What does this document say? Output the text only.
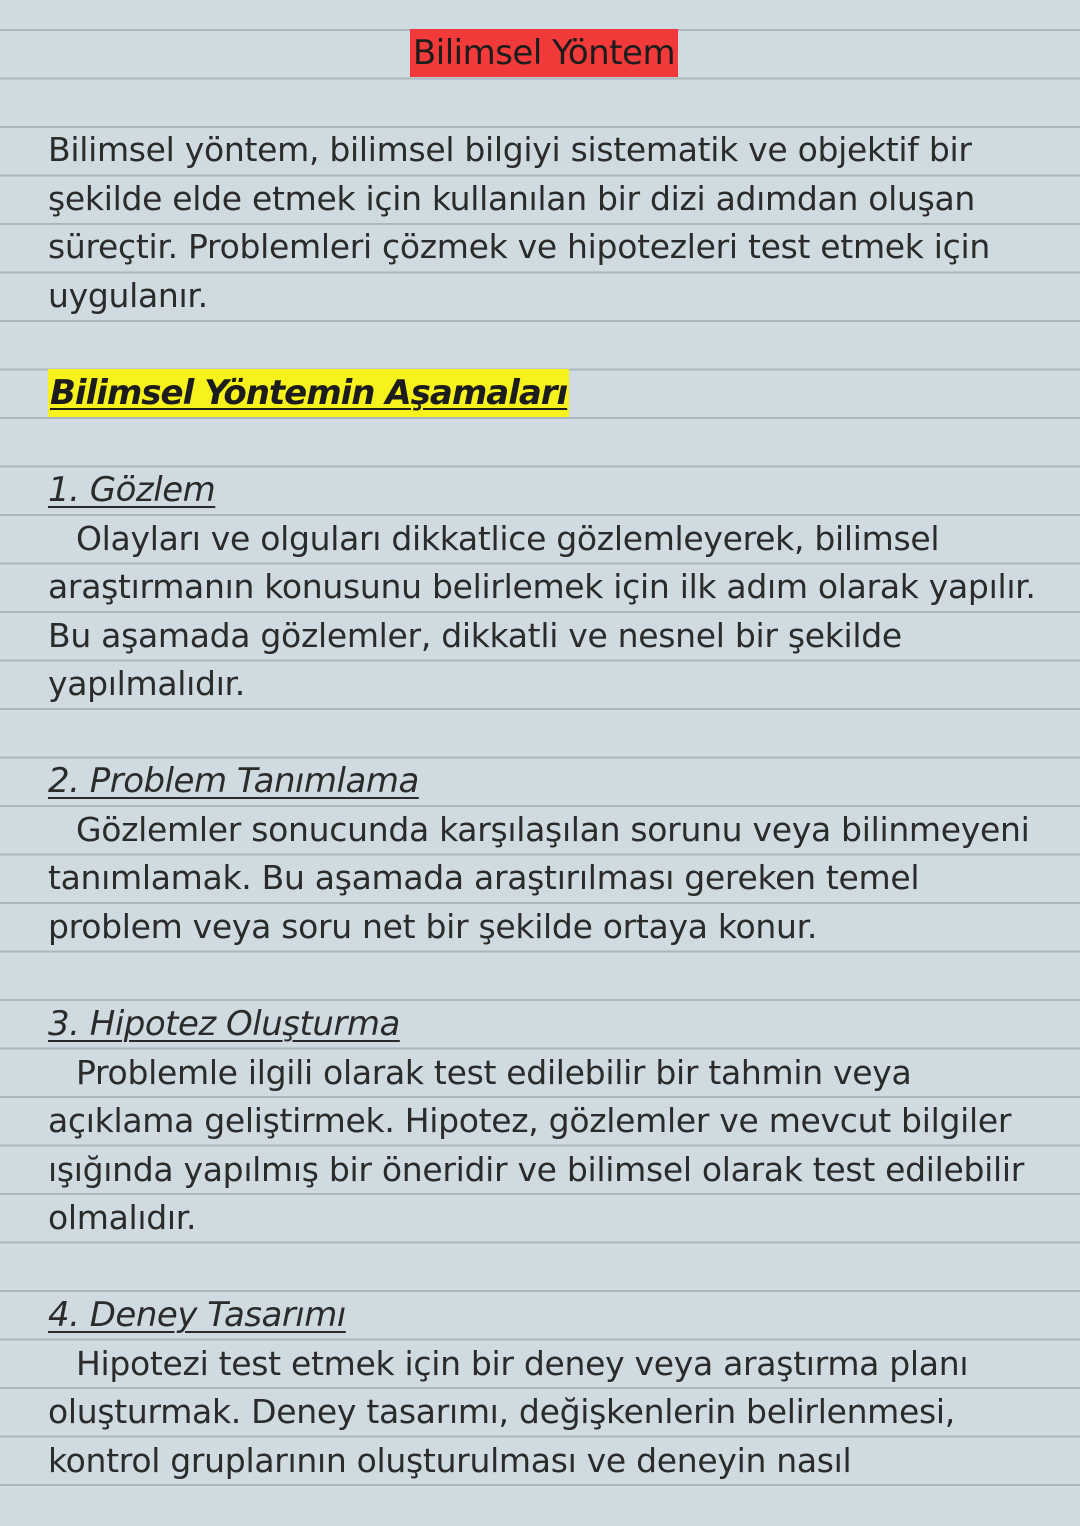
Bilimsel Yöntem
Bilimsel yöntem, bilimsel bilgiyi sistematik ve objektif bir
şekilde elde etmek için kullanılan bir dizi adımdan oluşan
süreçtir. Problemleri çözmek ve hipotezleri test etmek için
uygulanır.
Bilimsel Yöntemin Aşamaları
1. Gözlem
Olayları ve olguları dikkatlice gözlemleyerek, bilimsel
araştırmanın konusunu belirlemek için ilk adım olarak yapılır.
Bu aşamada gözlemler, dikkatli ve nesnel bir şekilde
yapılmalıdır.
2. Problem Tanımlama
Gözlemler sonucunda karşılaşılan sorunu veya bilinmeyeni
tanımlamak. Bu aşamada araştırılması gereken temel
problem veya soru net bir şekilde ortaya konur.
3. Hipotez Oluşturma
Problemle ilgili olarak test edilebilir bir tahmin veya
açıklama geliştirmek. Hipotez, gözlemler ve mevcut bilgiler
ışığında yapılmış bir öneridir ve bilimsel olarak test edilebilir
olmalıdır.
4. Deney Tasarımı
Hipotezi test etmek için bir deney veya araştırma planı
oluşturmak. Deney tasarımı, değişkenlerin belirlenmesi,
kontrol gruplarının oluşturulması ve deneyin nasıl
